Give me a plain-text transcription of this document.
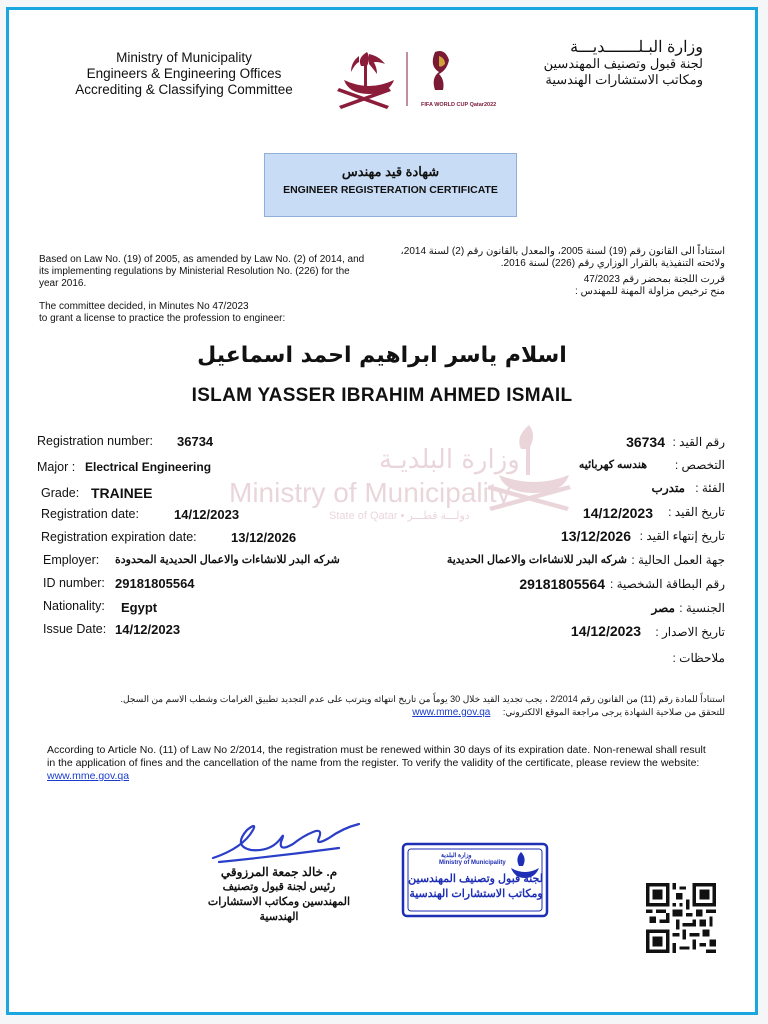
Ministry of Municipality
Engineers & Engineering Offices
Accrediting & Classifying Committee
FIFA WORLD CUP Qatar2022
وزارة البـلـــــــديـــة
لجنة قبول وتصنيف المهندسين
ومكاتب الاستشارات الهندسية
شهادة قيد مهندس
ENGINEER REGISTERATION CERTIFICATE
Based on Law No. (19) of 2005, as amended by Law No. (2) of 2014, and its implementing regulations by Ministerial Resolution No. (226) for the year 2016.
The committee decided, in Minutes No 47/2023
to grant a license to practice the profession to engineer:
استناداً الى القانون رقم (19) لسنة 2005، والمعدل بالقانون رقم (2) لسنة 2014، ولائحته التنفيذية بالقرار الوزاري رقم (226) لسنة 2016.
قررت اللجنة بمحضر رقم 47/2023
منح ترخيص مزاولة المهنة للمهندس :
اسلام ياسر ابراهيم احمد اسماعيل
ISLAM YASSER IBRAHIM AHMED ISMAIL
وزارة البلديـة
Ministry of Municipality
State of Qatar • دولـــة قطـــر
Registration number: 36734
Major : Electrical Engineering
Grade: TRAINEE
Registration date:	14/12/2023
Registration expiration date:	13/12/2026
Employer: شركه البدر للانشاءات والاعمال الحديدية المحدودة
ID number: 29181805564
Nationality: Egypt
Issue Date: 14/12/2023
رقم القيد :
36734
التخصص :
هندسه كهربائيه
الفئة :
متدرب
تاريخ القيد :
14/12/2023
تاريخ إنتهاء القيد :
13/12/2026
جهة العمل الحالية :
شركه البدر للانشاءات والاعمال الحديدية
رقم البطاقة الشخصية :
29181805564
الجنسية :
مصر
تاريخ الاصدار :
14/12/2023
ملاحظات :
استناداً للمادة رقم (11) من القانون رقم 2/2014 ، يجب تجديد القيد خلال 30 يوماً من تاريخ انتهائه ويترتب على عدم التجديد تطبيق الغرامات وشطب الاسم من السجل.
للتحقق من صلاحية الشهادة يرجى مراجعة الموقع الالكتروني:     www.mme.gov.qa
According to Article No. (11) of Law No 2/2014, the registration must be renewed within 30 days of its expiration date. Non-renewal shall result in the application of fines and the cancellation of the name from the register. To verify the validity of the certificate, please review the website:   www.mme.gov.qa
م. خالد جمعة المرزوقي
رئيس لجنة قبول وتصنيف
المهندسين ومكاتب الاستشارات الهندسية
وزارة البلدية
Ministry of Municipality
لجنة قبول وتصنيف المهندسين
ومكاتب الاستشارات الهندسية
